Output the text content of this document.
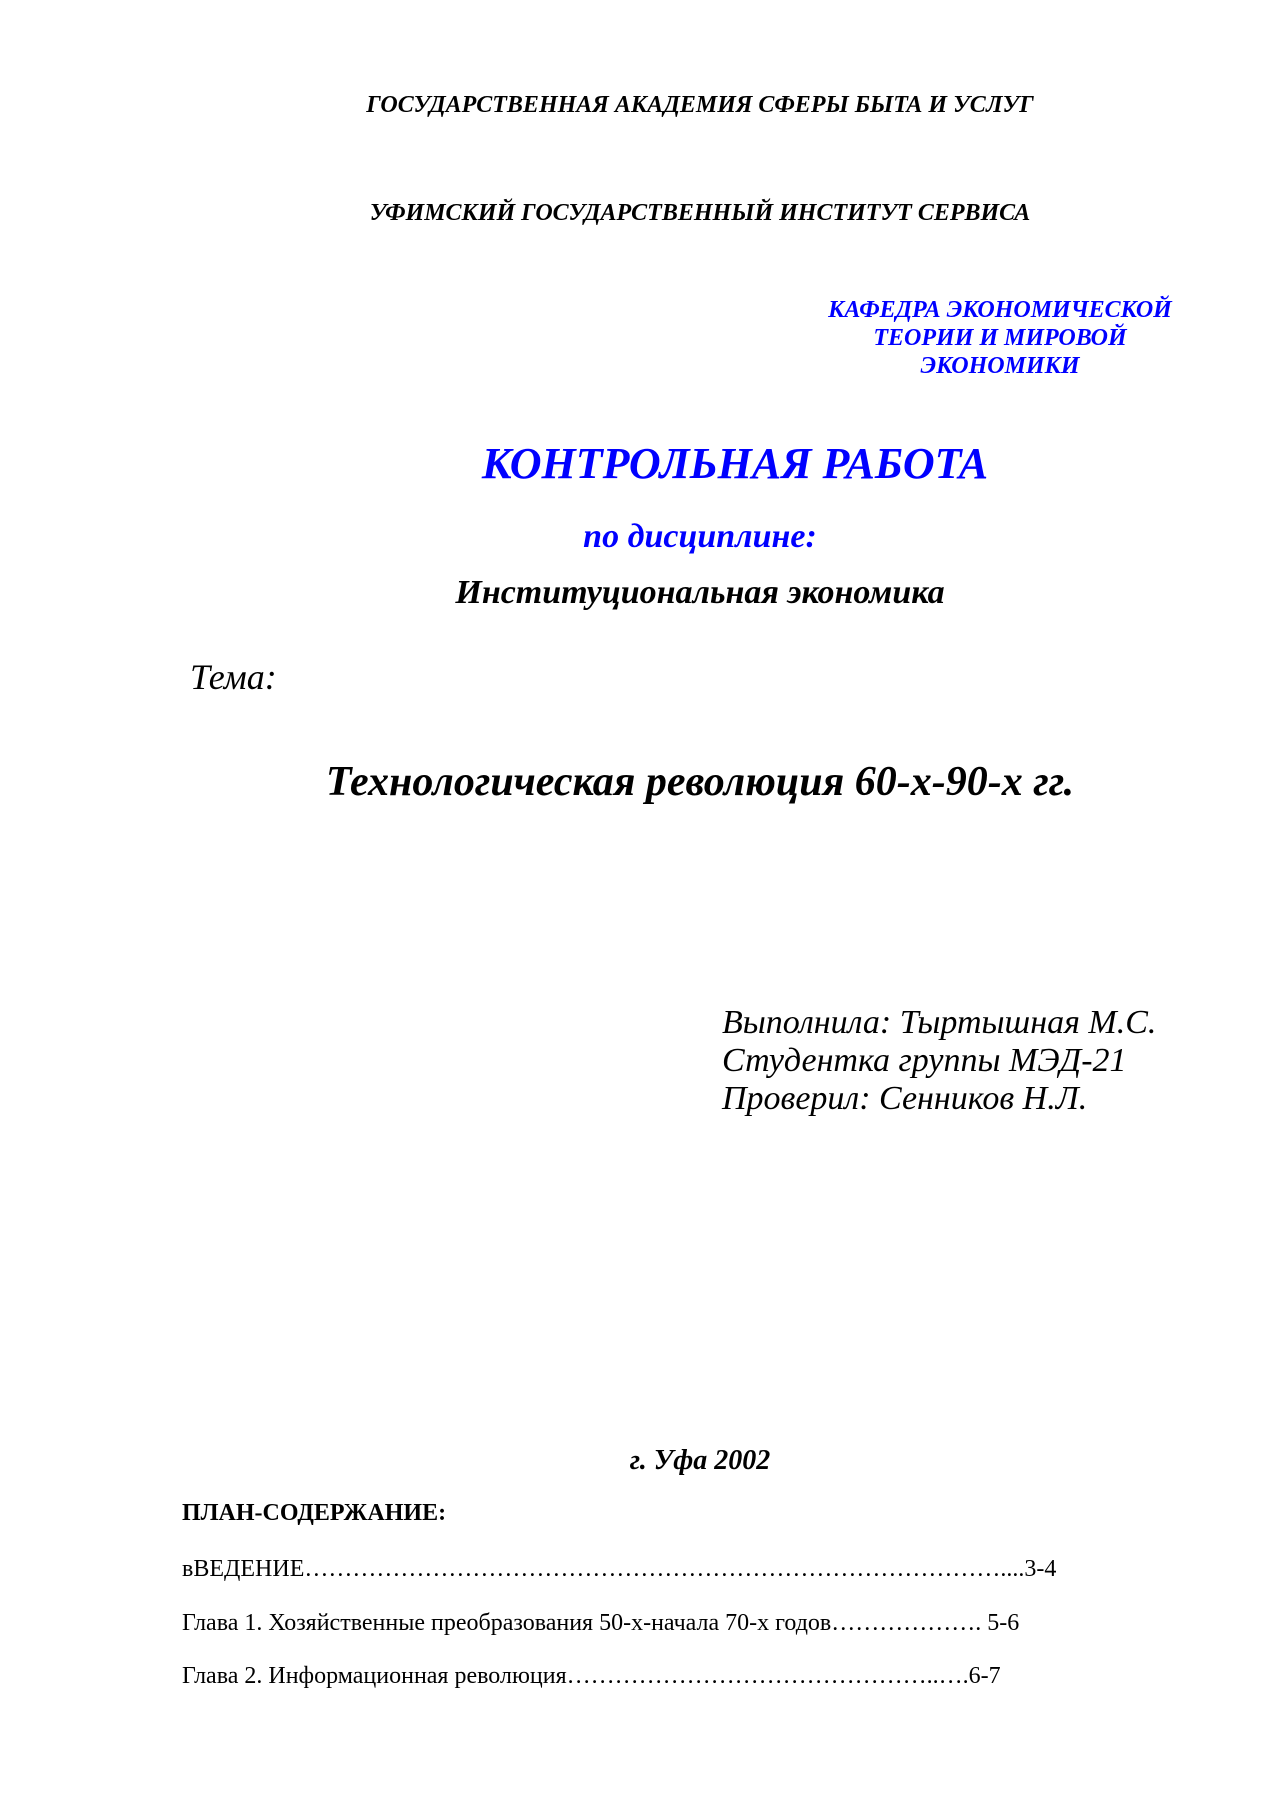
ГОСУДАРСТВЕННАЯ АКАДЕМИЯ СФЕРЫ БЫТА И УСЛУГ
УФИМСКИЙ ГОСУДАРСТВЕННЫЙ ИНСТИТУТ СЕРВИСА
КАФЕДРА ЭКОНОМИЧЕСКОЙ
ТЕОРИИ И МИРОВОЙ
ЭКОНОМИКИ
КОНТРОЛЬНАЯ РАБОТА
по дисциплине:
Институциональная экономика
Тема:
Технологическая революция 60-х-90-х гг.
Выполнила: Тыртышная М.С.
Студентка группы МЭД-21
Проверил: Сенников Н.Л.
г. Уфа 2002
ПЛАН-СОДЕРЖАНИЕ:
вВЕДЕНИЕ……………………………………………………………………………....3-4
Глава 1. Хозяйственные преобразования 50-х-начала 70-х годов………………. 5-6
Глава 2. Информационная революция………………………………………..….6-7
